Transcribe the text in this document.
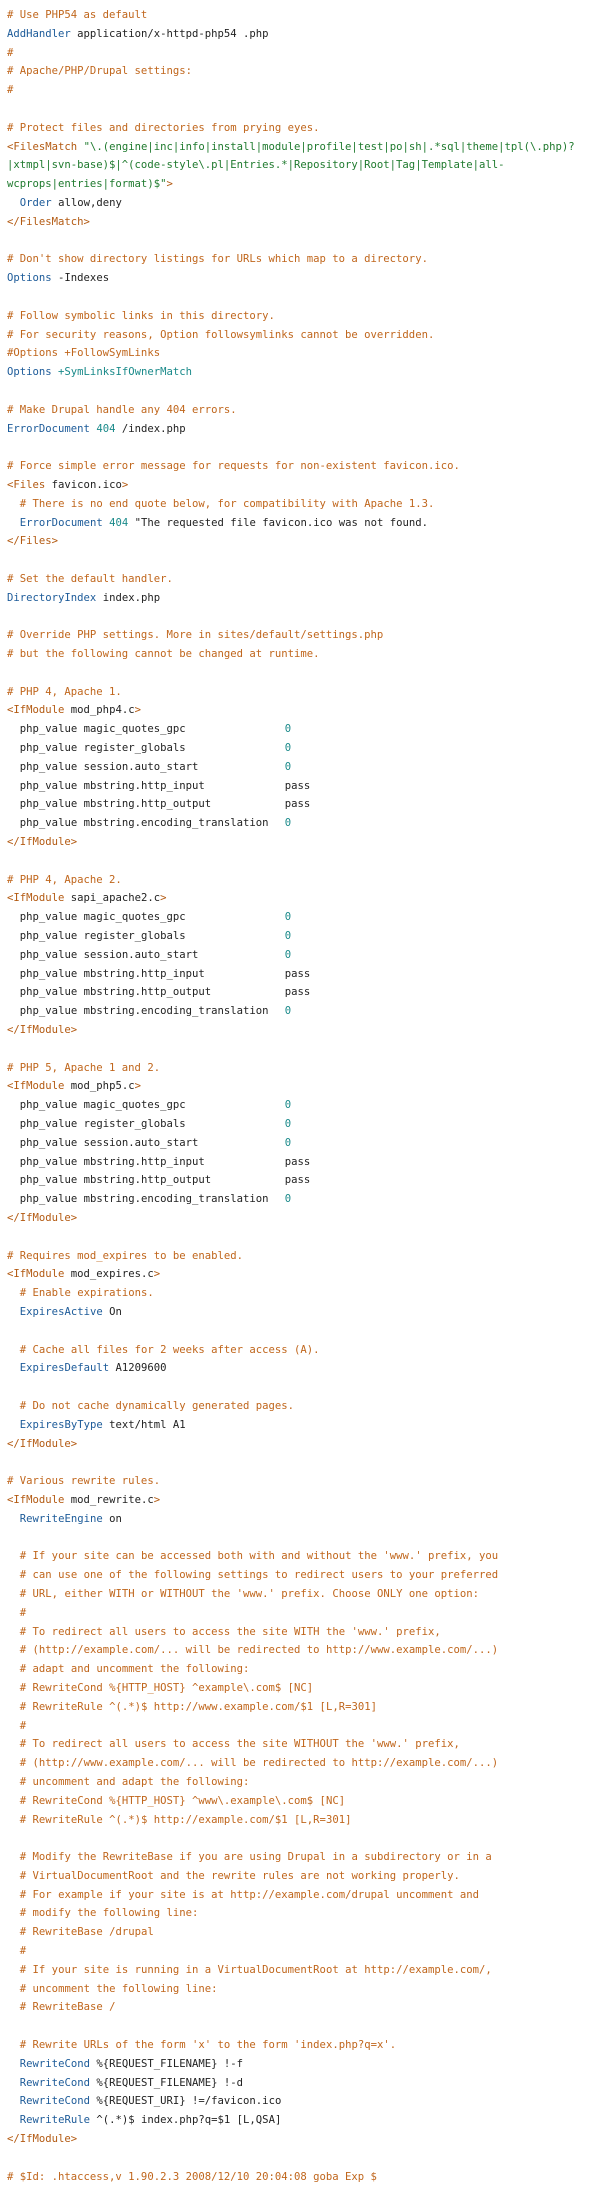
# Use PHP54 as default
AddHandler application/x-httpd-php54 .php
#
# Apache/PHP/Drupal settings:
#
# Protect files and directories from prying eyes.
<FilesMatch "\.(engine|inc|info|install|module|profile|test|po|sh|.*sql|theme|tpl(\.php)?
|xtmpl|svn-base)$|^(code-style\.pl|Entries.*|Repository|Root|Tag|Template|all-
wcprops|entries|format)$">
Order allow,deny
</FilesMatch>
# Don't show directory listings for URLs which map to a directory.
Options -Indexes
# Follow symbolic links in this directory.
# For security reasons, Option followsymlinks cannot be overridden.
#Options +FollowSymLinks
Options +SymLinksIfOwnerMatch
# Make Drupal handle any 404 errors.
ErrorDocument 404 /index.php
# Force simple error message for requests for non-existent favicon.ico.
<Files favicon.ico>
# There is no end quote below, for compatibility with Apache 1.3.
ErrorDocument 404 "The requested file favicon.ico was not found.
</Files>
# Set the default handler.
DirectoryIndex index.php
# Override PHP settings. More in sites/default/settings.php
# but the following cannot be changed at runtime.
# PHP 4, Apache 1.
<IfModule mod_php4.c>
php_value magic_quotes_gpc	0
php_value register_globals	0
php_value session.auto_start	0
php_value mbstring.http_input	pass
php_value mbstring.http_output	pass
php_value mbstring.encoding_translation 0
</IfModule>
# PHP 4, Apache 2.
<IfModule sapi_apache2.c>
php_value magic_quotes_gpc	0
php_value register_globals	0
php_value session.auto_start	0
php_value mbstring.http_input	pass
php_value mbstring.http_output	pass
php_value mbstring.encoding_translation 0
</IfModule>
# PHP 5, Apache 1 and 2.
<IfModule mod_php5.c>
php_value magic_quotes_gpc	0
php_value register_globals	0
php_value session.auto_start	0
php_value mbstring.http_input	pass
php_value mbstring.http_output	pass
php_value mbstring.encoding_translation 0
</IfModule>
# Requires mod_expires to be enabled.
<IfModule mod_expires.c>
# Enable expirations.
ExpiresActive On
# Cache all files for 2 weeks after access (A).
ExpiresDefault A1209600
# Do not cache dynamically generated pages.
ExpiresByType text/html A1
</IfModule>
# Various rewrite rules.
<IfModule mod_rewrite.c>
RewriteEngine on
# If your site can be accessed both with and without the 'www.' prefix, you
# can use one of the following settings to redirect users to your preferred
# URL, either WITH or WITHOUT the 'www.' prefix. Choose ONLY one option:
#
# To redirect all users to access the site WITH the 'www.' prefix,
# (http://example.com/... will be redirected to http://www.example.com/...)
# adapt and uncomment the following:
# RewriteCond %{HTTP_HOST} ^example\.com$ [NC]
# RewriteRule ^(.*)$ http://www.example.com/$1 [L,R=301]
#
# To redirect all users to access the site WITHOUT the 'www.' prefix,
# (http://www.example.com/... will be redirected to http://example.com/...)
# uncomment and adapt the following:
# RewriteCond %{HTTP_HOST} ^www\.example\.com$ [NC]
# RewriteRule ^(.*)$ http://example.com/$1 [L,R=301]
# Modify the RewriteBase if you are using Drupal in a subdirectory or in a
# VirtualDocumentRoot and the rewrite rules are not working properly.
# For example if your site is at http://example.com/drupal uncomment and
# modify the following line:
# RewriteBase /drupal
#
# If your site is running in a VirtualDocumentRoot at http://example.com/,
# uncomment the following line:
# RewriteBase /
# Rewrite URLs of the form 'x' to the form 'index.php?q=x'.
RewriteCond %{REQUEST_FILENAME} !-f
RewriteCond %{REQUEST_FILENAME} !-d
RewriteCond %{REQUEST_URI} !=/favicon.ico
RewriteRule ^(.*)$ index.php?q=$1 [L,QSA]
</IfModule>
# $Id: .htaccess,v 1.90.2.3 2008/12/10 20:04:08 goba Exp $
